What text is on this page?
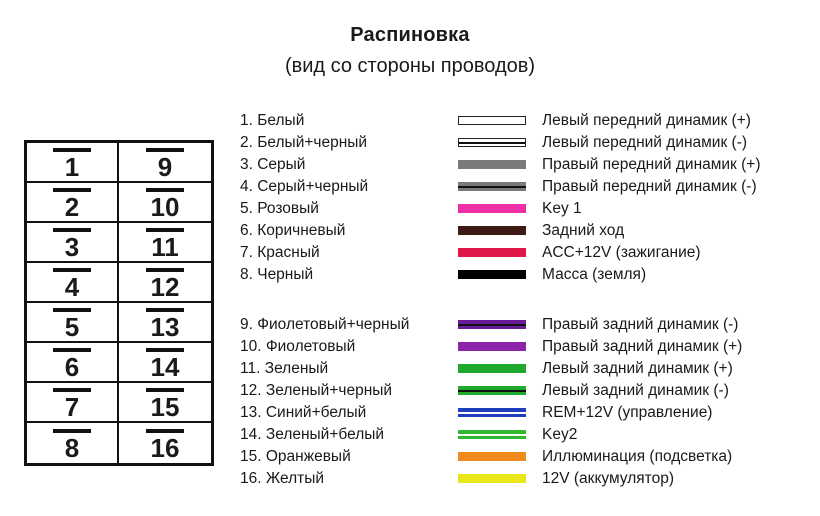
Распиновка
(вид со стороны проводов)
1	9
2	10
3	11
4	12
5	13
6	14
7	15
8	16
1. Белый	Левый передний динамик (+)
2. Белый+черный	Левый передний динамик (-)
3. Серый	Правый передний динамик (+)
4. Серый+черный	Правый передний динамик (-)
5. Розовый	Key 1
6. Коричневый	Задний ход
7. Красный	ACC+12V (зажигание)
8. Черный	Масса (земля)
9. Фиолетовый+черный	Правый задний динамик (-)
10. Фиолетовый	Правый задний динамик (+)
11. Зеленый	Левый задний динамик (+)
12. Зеленый+черный	Левый задний динамик (-)
13. Синий+белый	REM+12V (управление)
14. Зеленый+белый	Key2
15. Оранжевый	Иллюминация (подсветка)
16. Желтый	12V (аккумулятор)
